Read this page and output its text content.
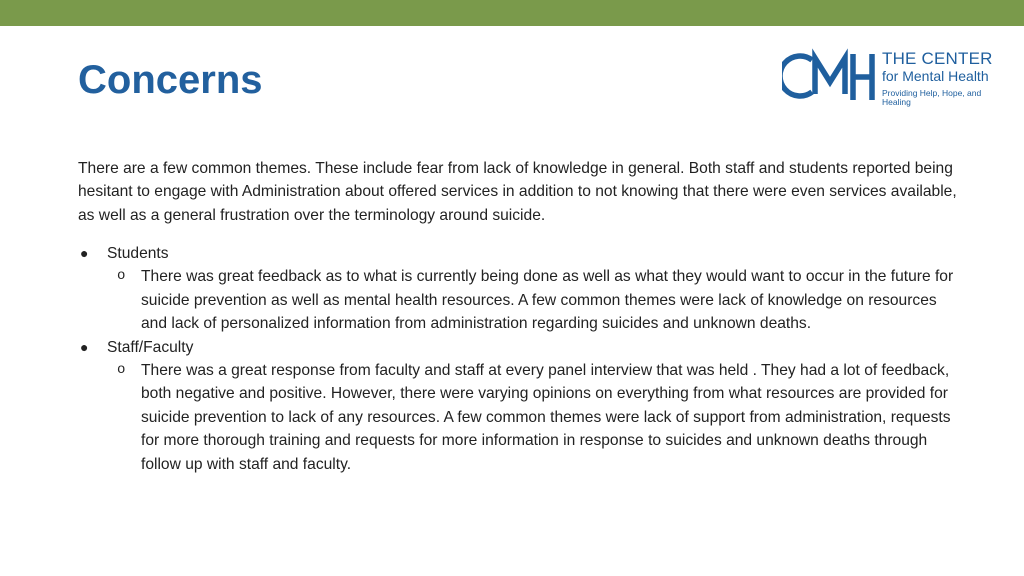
Concerns	THE CENTER
for Mental Health
Providing Help, Hope, and Healing

There are a few common themes. These include fear from lack of knowledge in general. Both staff and students reported being hesitant to engage with Administration about offered services in addition to not knowing that there were even services available, as well as a general frustration over the terminology around suicide.

● Students
o There was great feedback as to what is currently being done as well as what they would want to occur in the future for suicide prevention as well as mental health resources. A few common themes were lack of knowledge on resources and lack of personalized information from administration regarding suicides and unknown deaths.
● Staff/Faculty
o There was a great response from faculty and staff at every panel interview that was held . They had a lot of feedback, both negative and positive. However, there were varying opinions on everything from what resources are provided for suicide prevention to lack of any resources. A few common themes were lack of support from administration, requests for more thorough training and requests for more information in response to suicides and unknown deaths through follow up with staff and faculty.
